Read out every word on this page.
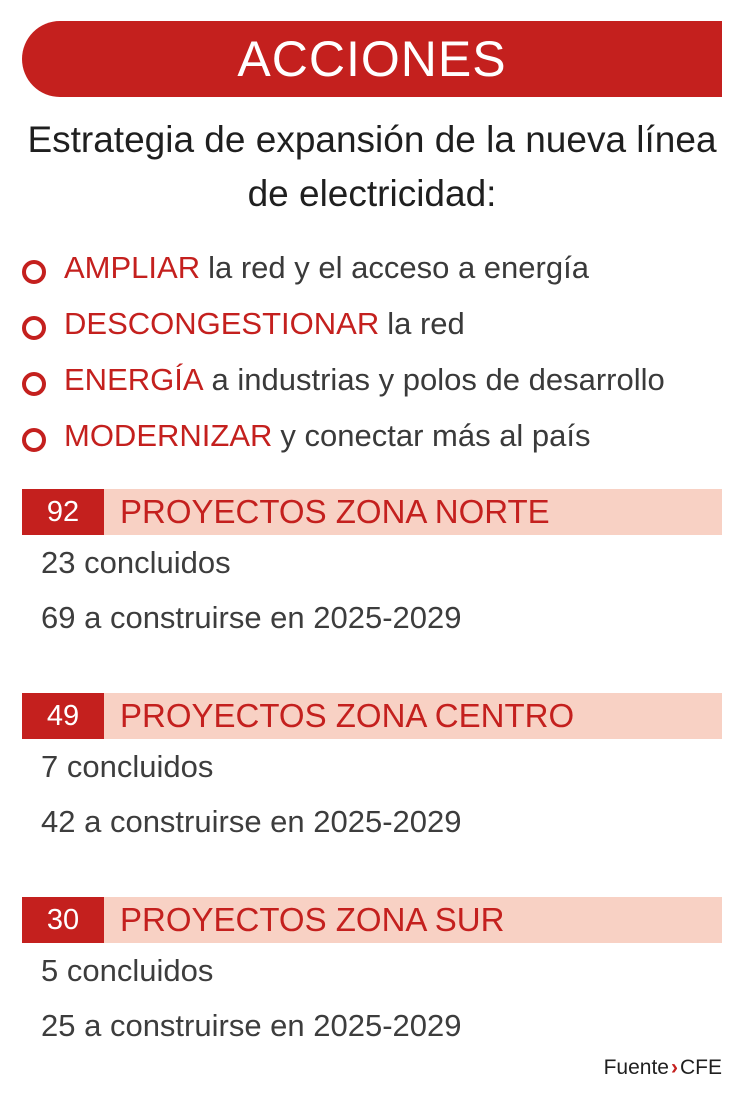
ACCIONES
Estrategia de expansión de la nueva línea de electricidad:
AMPLIAR la red y el acceso a energía
DESCONGESTIONAR la red
ENERGÍA a industrias y polos de desarrollo
MODERNIZAR y conectar más al país
92	PROYECTOS ZONA NORTE
23 concluidos
69 a construirse en 2025-2029
49	PROYECTOS ZONA CENTRO
7 concluidos
42 a construirse en 2025-2029
30	PROYECTOS ZONA SUR
5 concluidos
25 a construirse en 2025-2029
Fuente › CFE
